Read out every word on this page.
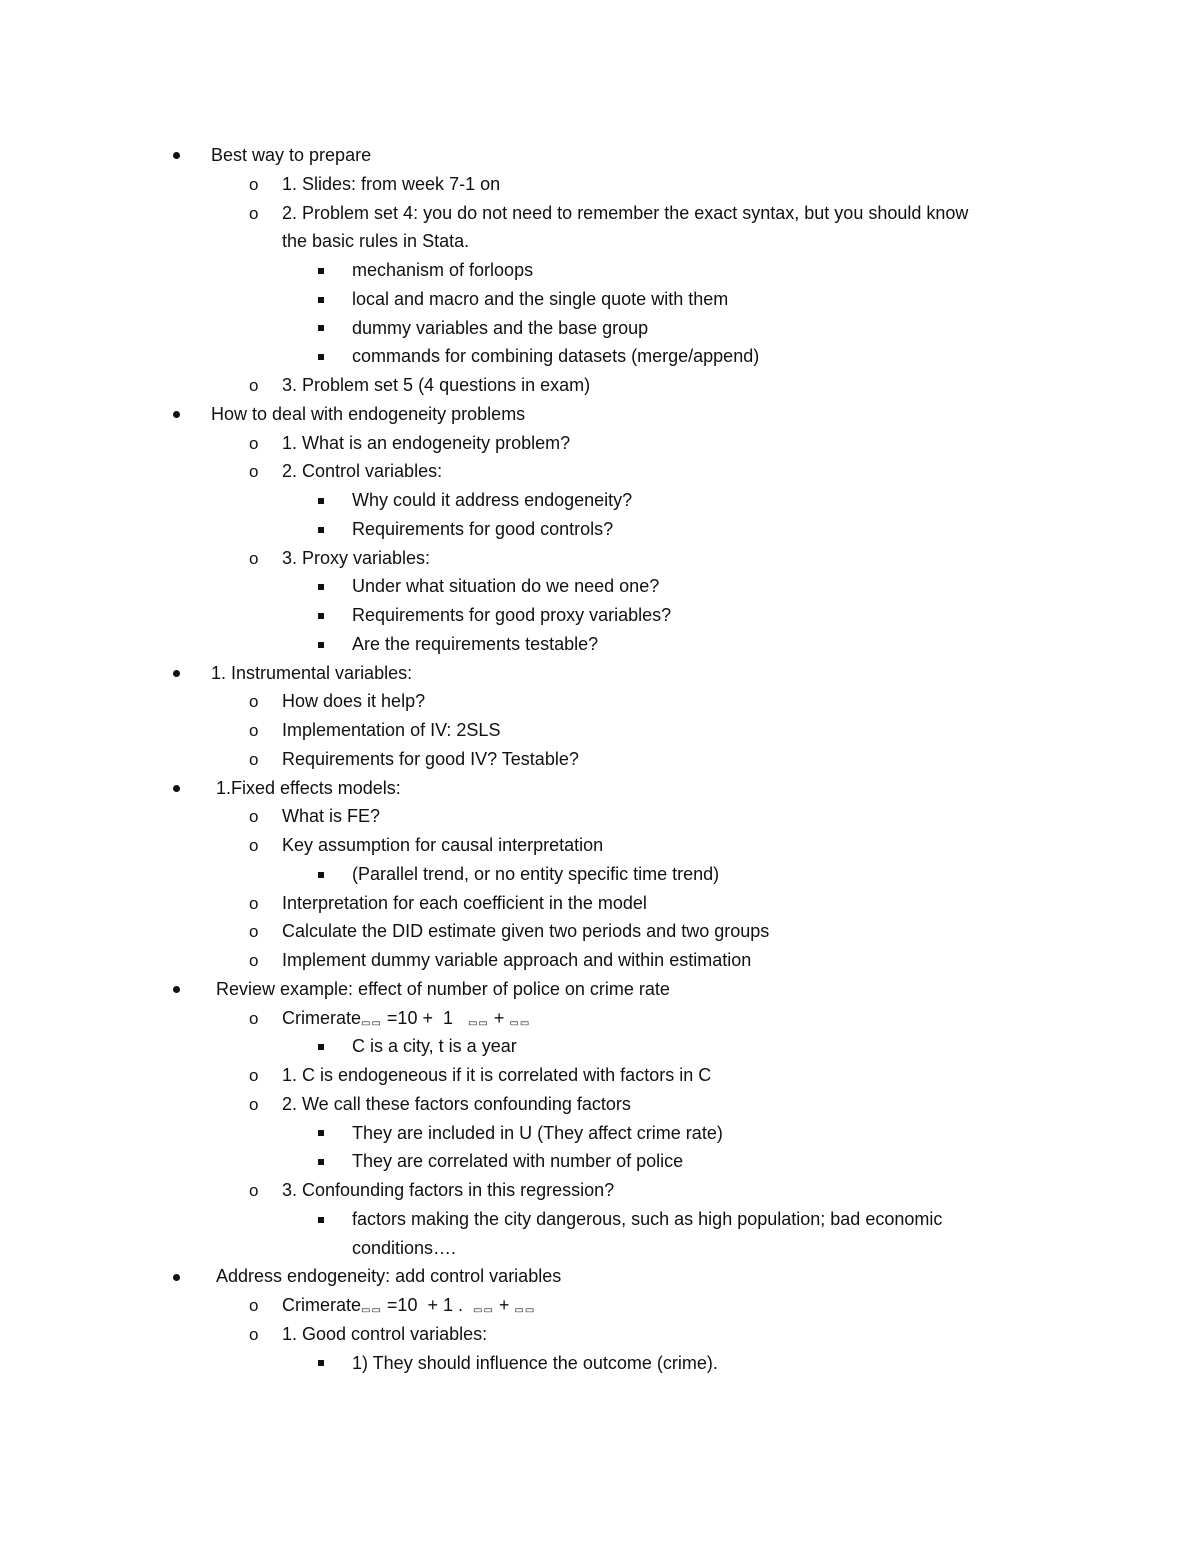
Best way to prepare
o 1. Slides: from week 7-1 on
o 2. Problem set 4: you do not need to remember the exact syntax, but you should know
the basic rules in Stata.
mechanism of forloops
local and macro and the single quote with them
dummy variables and the base group
commands for combining datasets (merge/append)
o 3. Problem set 5 (4 questions in exam)
How to deal with endogeneity problems
o 1. What is an endogeneity problem?
o 2. Control variables:
Why could it address endogeneity?
Requirements for good controls?
o 3. Proxy variables:
Under what situation do we need one?
Requirements for good proxy variables?
Are the requirements testable?
1. Instrumental variables:
o How does it help?
o Implementation of IV: 2SLS
o Requirements for good IV? Testable?
1.Fixed effects models:
o What is FE?
o Key assumption for causal interpretation
(Parallel trend, or no entity specific time trend)
o Interpretation for each coefficient in the model
o Calculate the DID estimate given two periods and two groups
o Implement dummy variable approach and within estimation
Review example: effect of number of police on crime rate
o Crimerate$_{▭▭}$ =10 +  1   $_{▭▭}$ + $_{▭▭}$
C is a city, t is a year
o 1. C is endogeneous if it is correlated with factors in C
o 2. We call these factors confounding factors
They are included in U (They affect crime rate)
They are correlated with number of police
o 3. Confounding factors in this regression?
factors making the city dangerous, such as high population; bad economic
conditions….
Address endogeneity: add control variables
o Crimerate$_{▭▭}$ =10  + 1 .  $_{▭▭}$ + $_{▭▭}$
o 1. Good control variables:
1) They should influence the outcome (crime).
